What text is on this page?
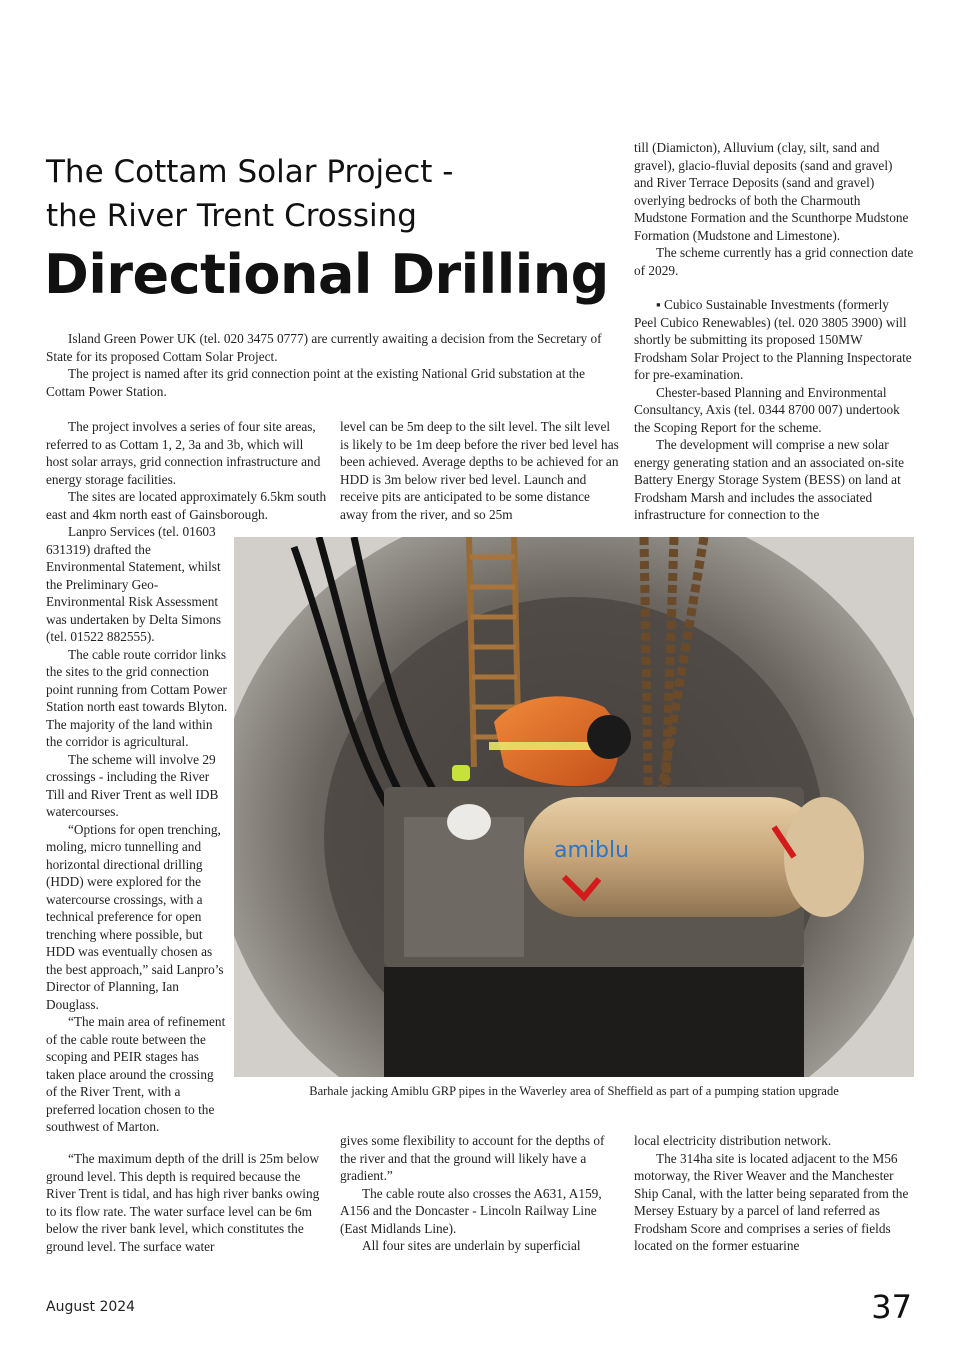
The Cottam Solar Project -
the River Trent Crossing
Directional Drilling

Island Green Power UK (tel. 020 3475 0777) are currently awaiting a decision from the Secretary of State for its proposed Cottam Solar Project.

The project is named after its grid connection point at the existing National Grid substation at the Cottam Power Station.

The project involves a series of four site areas, referred to as Cottam 1, 2, 3a and 3b, which will host solar arrays, grid connection infrastructure and energy storage facilities.

The sites are located approximately 6.5km south east and 4km north east of Gainsborough.

Lanpro Services (tel. 01603 631319) drafted the Environmental Statement, whilst the Preliminary Geo-Environmental Risk Assessment was undertaken by Delta Simons (tel. 01522 882555).

The cable route corridor links the sites to the grid connection point running from Cottam Power Station north east towards Blyton. The majority of the land within the corridor is agricultural.

The scheme will involve 29 crossings - including the River Till and River Trent as well IDB watercourses.

“Options for open trenching, moling, micro tunnelling and horizontal directional drilling (HDD) were explored for the watercourse crossings, with a technical preference for open trenching where possible, but HDD was eventually chosen as the best approach,” said Lanpro’s Director of Planning, Ian Douglass.

“The main area of refinement of the cable route between the scoping and PEIR stages has taken place around the crossing of the River Trent, with a preferred location chosen to the southwest of Marton.

“The maximum depth of the drill is 25m below ground level. This depth is required because the River Trent is tidal, and has high river banks owing to its flow rate. The water surface level can be 6m below the river bank level, which constitutes the ground level. The surface water

level can be 5m deep to the silt level. The silt level is likely to be 1m deep before the river bed level has been achieved. Average depths to be achieved for an HDD is 3m below river bed level. Launch and receive pits are anticipated to be some distance away from the river, and so 25m

gives some flexibility to account for the depths of the river and that the ground will likely have a gradient.”

The cable route also crosses the A631, A159, A156 and the Doncaster - Lincoln Railway Line (East Midlands Line).

All four sites are underlain by superficial

till (Diamicton), Alluvium (clay, silt, sand and gravel), glacio-fluvial deposits (sand and gravel) and River Terrace Deposits (sand and gravel) overlying bedrocks of both the Charmouth Mudstone Formation and the Scunthorpe Mudstone Formation (Mudstone and Limestone).

The scheme currently has a grid connection date of 2029.

▪ Cubico Sustainable Investments (formerly Peel Cubico Renewables) (tel. 020 3805 3900) will shortly be submitting its proposed 150MW Frodsham Solar Project to the Planning Inspectorate for pre-examination.

Chester-based Planning and Environmental Consultancy, Axis (tel. 0344 8700 007) undertook the Scoping Report for the scheme.

The development will comprise a new solar energy generating station and an associated on-site Battery Energy Storage System (BESS) on land at Frodsham Marsh and includes the associated infrastructure for connection to the

local electricity distribution network.

The 314ha site is located adjacent to the M56 motorway, the River Weaver and the Manchester Ship Canal, with the latter being separated from the Mersey Estuary by a parcel of land referred as Frodsham Score and comprises a series of fields located on the former estuarine

amiblu
Barhale jacking Amiblu GRP pipes in the Waverley area of Sheffield as part of a pumping station upgrade
August 2024	37
